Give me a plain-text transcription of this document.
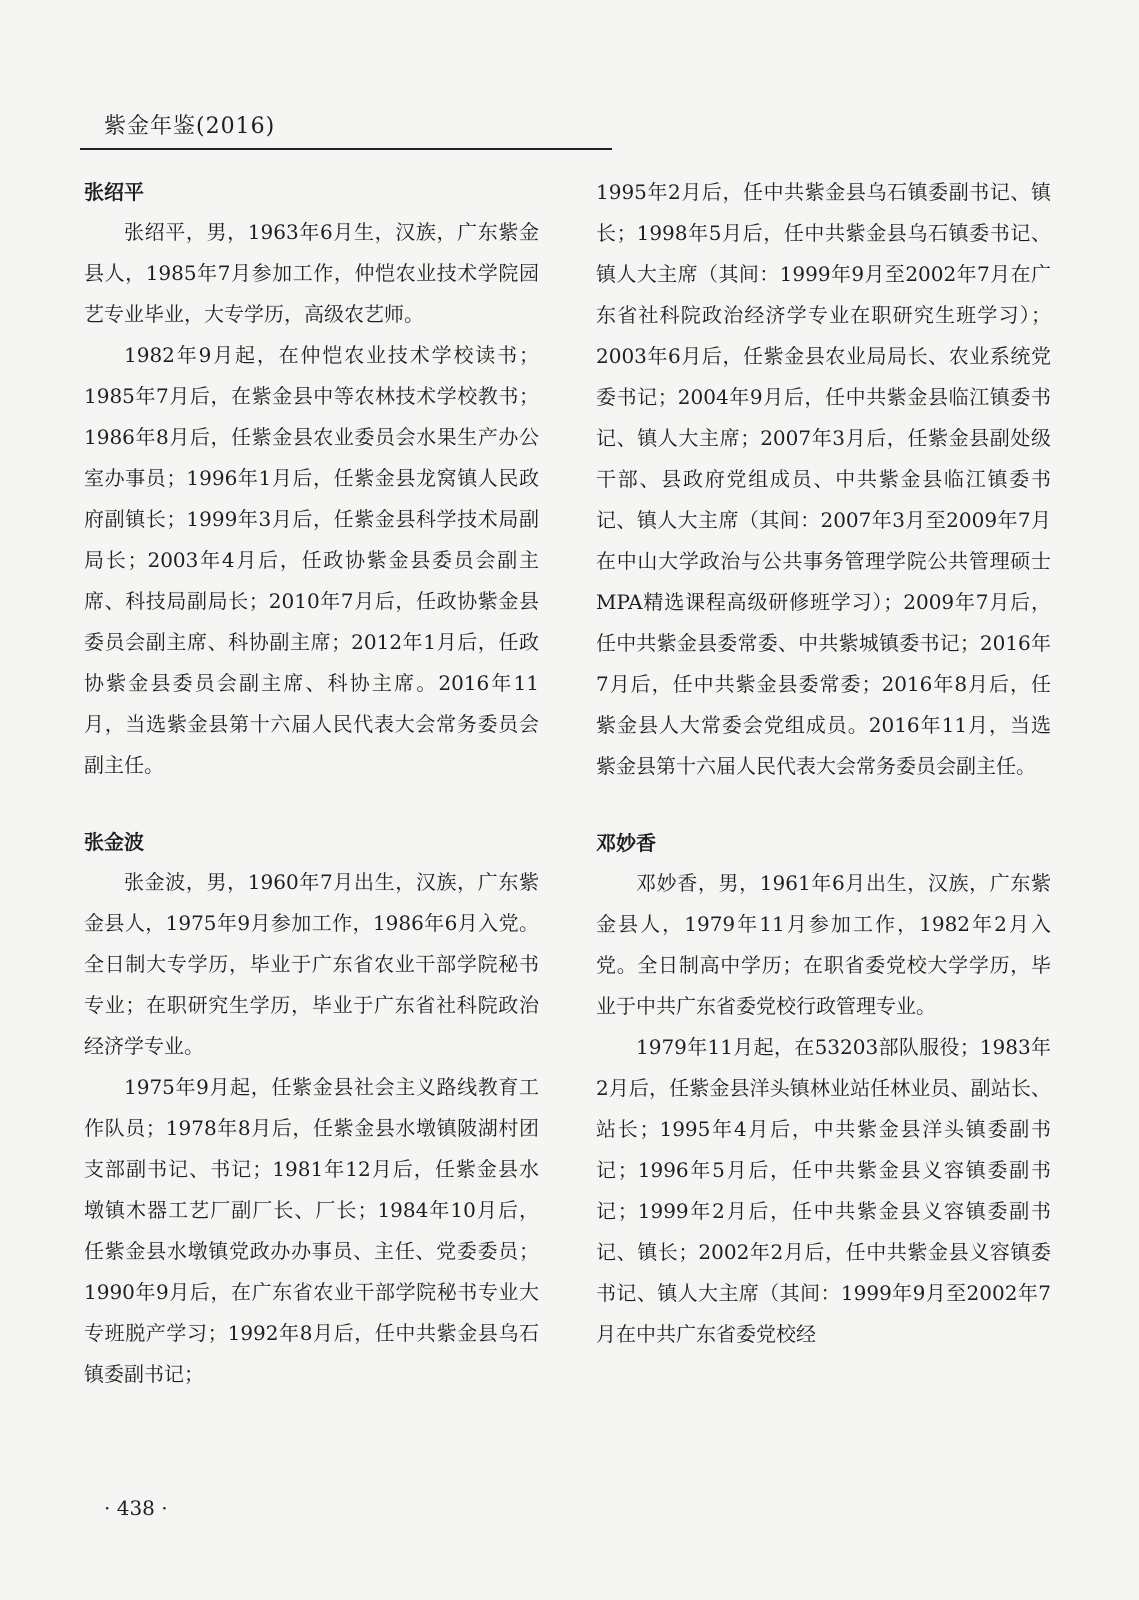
紫金年鉴(2016)
张绍平

张绍平，男，1963年6月生，汉族，广东紫金县人，1985年7月参加工作，仲恺农业技术学院园艺专业毕业，大专学历，高级农艺师。

1982年9月起，在仲恺农业技术学校读书；1985年7月后，在紫金县中等农林技术学校教书；1986年8月后，任紫金县农业委员会水果生产办公室办事员；1996年1月后，任紫金县龙窝镇人民政府副镇长；1999年3月后，任紫金县科学技术局副局长；2003年4月后，任政协紫金县委员会副主席、科技局副局长；2010年7月后，任政协紫金县委员会副主席、科协副主席；2012年1月后，任政协紫金县委员会副主席、科协主席。2016年11月，当选紫金县第十六届人民代表大会常务委员会副主任。

张金波

张金波，男，1960年7月出生，汉族，广东紫金县人，1975年9月参加工作，1986年6月入党。全日制大专学历，毕业于广东省农业干部学院秘书专业；在职研究生学历，毕业于广东省社科院政治经济学专业。

1975年9月起，任紫金县社会主义路线教育工作队员；1978年8月后，任紫金县水墩镇陂湖村团支部副书记、书记；1981年12月后，任紫金县水墩镇木器工艺厂副厂长、厂长；1984年10月后，任紫金县水墩镇党政办办事员、主任、党委委员；1990年9月后，在广东省农业干部学院秘书专业大专班脱产学习；1992年8月后，任中共紫金县乌石镇委副书记；

1995年2月后，任中共紫金县乌石镇委副书记、镇长；1998年5月后，任中共紫金县乌石镇委书记、镇人大主席（其间：1999年9月至2002年7月在广东省社科院政治经济学专业在职研究生班学习）；2003年6月后，任紫金县农业局局长、农业系统党委书记；2004年9月后，任中共紫金县临江镇委书记、镇人大主席；2007年3月后，任紫金县副处级干部、县政府党组成员、中共紫金县临江镇委书记、镇人大主席（其间：2007年3月至2009年7月在中山大学政治与公共事务管理学院公共管理硕士MPA精选课程高级研修班学习）；2009年7月后，任中共紫金县委常委、中共紫城镇委书记；2016年7月后，任中共紫金县委常委；2016年8月后，任紫金县人大常委会党组成员。2016年11月，当选紫金县第十六届人民代表大会常务委员会副主任。

邓妙香

邓妙香，男，1961年6月出生，汉族，广东紫金县人，1979年11月参加工作，1982年2月入党。全日制高中学历；在职省委党校大学学历，毕业于中共广东省委党校行政管理专业。

1979年11月起，在53203部队服役；1983年2月后，任紫金县洋头镇林业站任林业员、副站长、站长；1995年4月后，中共紫金县洋头镇委副书记；1996年5月后，任中共紫金县义容镇委副书记；1999年2月后，任中共紫金县义容镇委副书记、镇长；2002年2月后，任中共紫金县义容镇委书记、镇人大主席（其间：1999年9月至2002年7月在中共广东省委党校经

· 438 ·
